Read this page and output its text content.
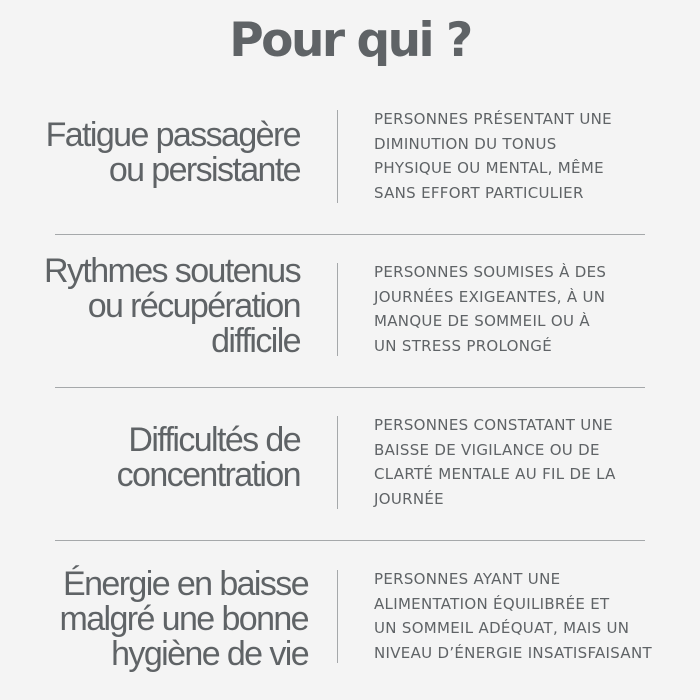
Pour qui ?
Fatigue passagère
ou persistante
PERSONNES PRÉSENTANT UNE
DIMINUTION DU TONUS
PHYSIQUE OU MENTAL, MÊME
SANS EFFORT PARTICULIER
Rythmes soutenus
ou récupération
difficile
PERSONNES SOUMISES À DES
JOURNÉES EXIGEANTES, À UN
MANQUE DE SOMMEIL OU À
UN STRESS PROLONGÉ
Difficultés de
concentration
PERSONNES CONSTATANT UNE
BAISSE DE VIGILANCE OU DE
CLARTÉ MENTALE AU FIL DE LA
JOURNÉE
Énergie en baisse
malgré une bonne
hygiène de vie
PERSONNES AYANT UNE
ALIMENTATION ÉQUILIBRÉE ET
UN SOMMEIL ADÉQUAT, MAIS UN
NIVEAU D’ÉNERGIE INSATISFAISANT
